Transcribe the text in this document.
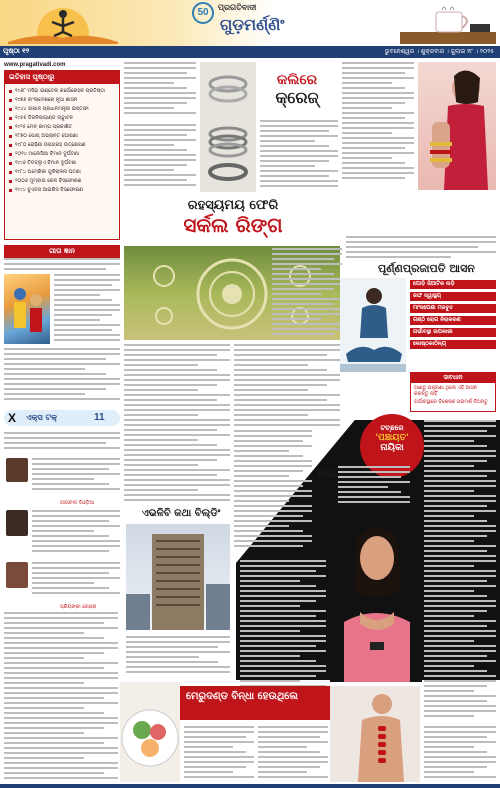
50	ପ୍ରଗତିବାଦୀ
ଗୁଡ଼ମର୍ଣ୍ଣିଂ
ପୃଷ୍ଠା ୧୨	ଭୁବନେଶ୍ୱର । ଶୁକ୍ରବାର । ଜୁଲାଇ ୧୮ । ୨୦୨୫
www.pragativadi.com
ଇତିହାସ ପୃଷ୍ଠାରୁ
୧୯୬୮ ମସିହା ଇଣ୍ଟେଲ କର୍ପୋରେସନ ପ୍ରତିଷ୍ଠା
୧୯୭୬ ବାଂଲାଦେଶରେ ନୂଆ ଶାସନ
୧୯୪୪ ଜାପାନ ପ୍ରଧାନମନ୍ତ୍ରୀ ଇସ୍ତଫା
୧୯୫୫ ଡିଜନିଲ୍ୟାଣ୍ଡ ଉଦ୍ଘାଟନ
୧୯୨୫ ମେନ୍ କାମ୍ପ ପ୍ରକାଶିତ
୧୮୭୦ ପୋପ୍ ଅଭ୍ରାନ୍ତ ଘୋଷଣା
୧୯୮୦ ରୋହିଣୀ ଉପଗ୍ରହ ଉତ୍କ୍ଷେପଣ
୨୦୧୪ ମାଲେସିଆ ବିମାନ ଦୁର୍ଘଟଣା
୧୯୯୬ ଟିଡବ୍ଲୁଏ ବିମାନ ଦୁର୍ଘଟଣା
୧୯୮୪ ଅମେରିକା ଗୁଳିଚାଳନା ଘଟଣା
୨୦୦୬ ମୁମ୍ବାଇ ରେଳ ବିସ୍ଫୋରଣ
୧୯୯୪ ବୁଏନସ ଆଇରିସ ବିସ୍ଫୋରଣ
ଗୀତା ଜ୍ଞାନ
X ଏକ୍ସ ଟକ୍	11
ଗୀତାବଳୀ ଦିଓଡ଼ିଆ
ପ୍ରିୟଙ୍କା ଚୋପ୍ରା
କଲିରେ
କ୍ରେଜ୍
ରହସ୍ୟମୟ ଫେରି
ସର୍କଲ ରିଙ୍ଗ
ପୂର୍ଣ୍ଣପ୍ରଜାପତି ଆସନ
ପୋଡ଼ି ଜିଆଟିକ ନାଡ଼ି
ଜଙ୍ଘ ସ୍ୱାସ୍ଥ୍ୟ
ମାଂସପେଶୀ ମଜବୁତ
ଗଣ୍ଠି ରୋଗ ନିରାକରଣ
ଗର୍ଭାବସ୍ଥା ଉପକାରୀ
କୋଷ୍ଠକାଠିନ୍ୟ
ସାବଧାନ
ଆଣ୍ଠୁ ଯନ୍ତ୍ରଣା ଥିଲେ ଏହି ଆସନ କରନ୍ତୁ ନାହିଁ
ଗର୍ଭାବସ୍ଥାରେ ବିଶେଷଜ୍ଞ ପରାମର୍ଶ ନିଅନ୍ତୁ
ଟଚ୍ଛରେ
'ପଞ୍ଚାୟତ'
ନାୟିକା
ଗୋ
ଏଭଳିବି କଥା ବିଲ୍ଡିଂ
ମେରୁଦଣ୍ଡ ବିନ୍ଧା ହେଉଥିଲେ
